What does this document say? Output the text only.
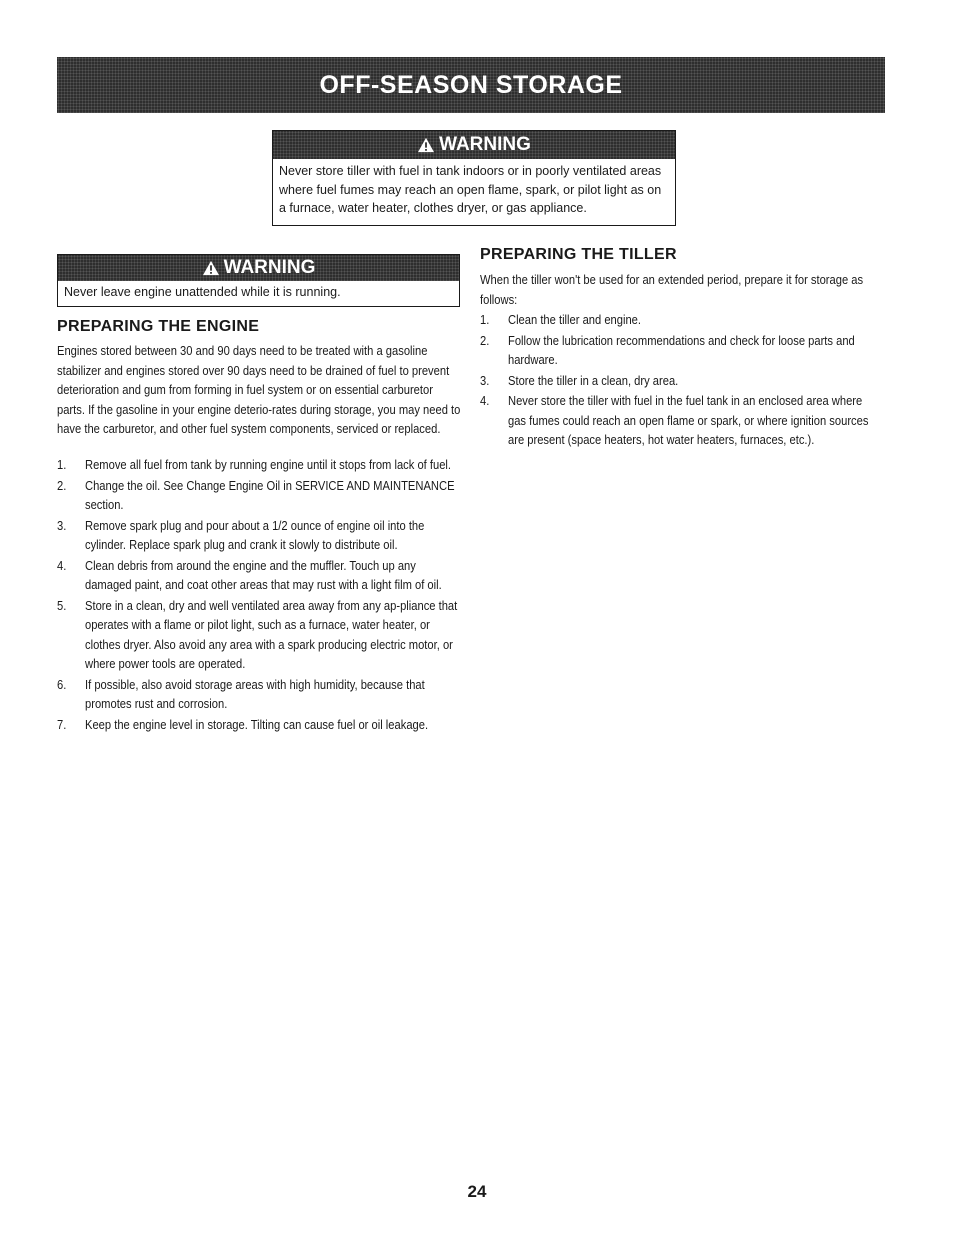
OFF-SEASON STORAGE
WARNING
Never store tiller with fuel in tank indoors or in poorly ventilated areas where fuel fumes may reach an open flame, spark, or pilot light as on a furnace, water heater, clothes dryer, or gas appliance.
WARNING
Never leave engine unattended while it is running.
PREPARING THE ENGINE
Engines stored between 30 and 90 days need to be treated with a gasoline stabilizer and engines stored over 90 days need to be drained of fuel to prevent deterioration and gum from forming in fuel system or on essential carburetor parts. If the gasoline in your engine deterio-rates during storage, you may need to have the carburetor, and other fuel system components, serviced or replaced.
1. Remove all fuel from tank by running engine until it stops from lack of fuel.
2. Change the oil. See Change Engine Oil in SERVICE AND MAINTENANCE section.
3. Remove spark plug and pour about a 1/2 ounce of engine oil into the cylinder. Replace spark plug and crank it slowly to distribute oil.
4. Clean debris from around the engine and the muffler. Touch up any damaged paint, and coat other areas that may rust with a light film of oil.
5. Store in a clean, dry and well ventilated area away from any ap-pliance that operates with a flame or pilot light, such as a furnace, water heater, or clothes dryer. Also avoid any area with a spark producing electric motor, or where power tools are operated.
6. If possible, also avoid storage areas with high humidity, because that promotes rust and corrosion.
7. Keep the engine level in storage. Tilting can cause fuel or oil leakage.
PREPARING THE TILLER
When the tiller won't be used for an extended period, prepare it for storage as follows:
1. Clean the tiller and engine.
2. Follow the lubrication recommendations and check for loose parts and hardware.
3. Store the tiller in a clean, dry area.
4. Never store the tiller with fuel in the fuel tank in an enclosed area where gas fumes could reach an open flame or spark, or where ignition sources are present (space heaters, hot water heaters, furnaces, etc.).
24
